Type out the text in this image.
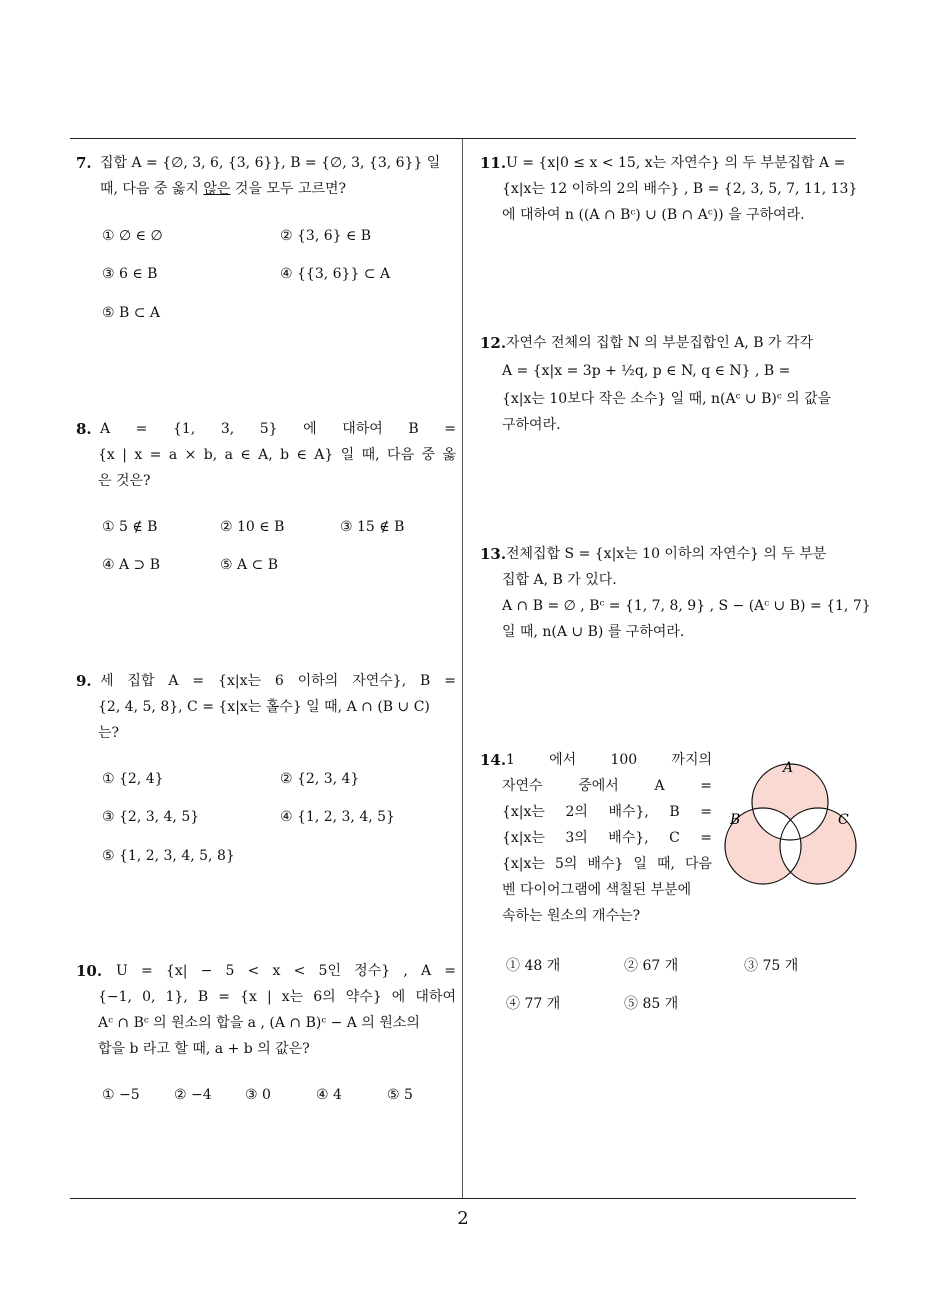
2
7. 집합 A = {∅, 3, 6, {3, 6}}, B = {∅, 3, {3, 6}} 일
때, 다음 중 옳지 않은 것을 모두 고르면?
① ∅ ∈ ∅	② {3, 6} ∈ B
③ 6 ∈ B	④ {{3, 6}} ⊂ A
⑤ B ⊂ A
8. A = {1, 3, 5} 에 대하여 B =
{x | x = a × b, a ∈ A, b ∈ A} 일 때, 다음 중 옳
은 것은?
① 5 ∉ B	② 10 ∈ B	③ 15 ∉ B
④ A ⊃ B	⑤ A ⊂ B
9. 세 집합 A = {x|x는 6 이하의 자연수}, B =
{2, 4, 5, 8}, C = {x|x는 홀수} 일 때, A ∩ (B ∪ C)
는?
① {2, 4}	② {2, 3, 4}
③ {2, 3, 4, 5}	④ {1, 2, 3, 4, 5}
⑤ {1, 2, 3, 4, 5, 8}
10. U = {x| − 5 < x < 5인 정수} , A =
{−1, 0, 1}, B = {x | x는 6의 약수} 에 대하여
Aᶜ ∩ Bᶜ 의 원소의 합을 a , (A ∩ B)ᶜ − A 의 원소의
합을 b 라고 할 때, a + b 의 값은?
① −5 ② −4 ③ 0	④ 4	⑤ 5
11. U = {x|0 ≤ x < 15, x는 자연수} 의 두 부분집합 A =
{x|x는 12 이하의 2의 배수} , B = {2, 3, 5, 7, 11, 13}
에 대하여 n ((A ∩ Bᶜ) ∪ (B ∩ Aᶜ)) 을 구하여라.
12. 자연수 전체의 집합 N 의 부분집합인 A, B 가 각각
A = {x|x = 3p + ½q, p ∈ N, q ∈ N} , B =
{x|x는 10보다 작은 소수} 일 때, n(Aᶜ ∪ B)ᶜ 의 값을
구하여라.
13. 전체집합 S = {x|x는 10 이하의 자연수} 의 두 부분
집합 A, B 가 있다.
A ∩ B = ∅ , Bᶜ = {1, 7, 8, 9} , S − (Aᶜ ∪ B) = {1, 7}
일 때, n(A ∪ B) 를 구하여라.
14. 1 에서 100 까지의
자연수 중에서 A =
{x|x는 2의 배수}, B =
{x|x는 3의 배수}, C =
{x|x는 5의 배수} 일 때, 다음
벤 다이어그램에 색칠된 부분에
속하는 원소의 개수는?
A
B	C
① 48 개	② 67 개	③ 75 개
④ 77 개	⑤ 85 개
